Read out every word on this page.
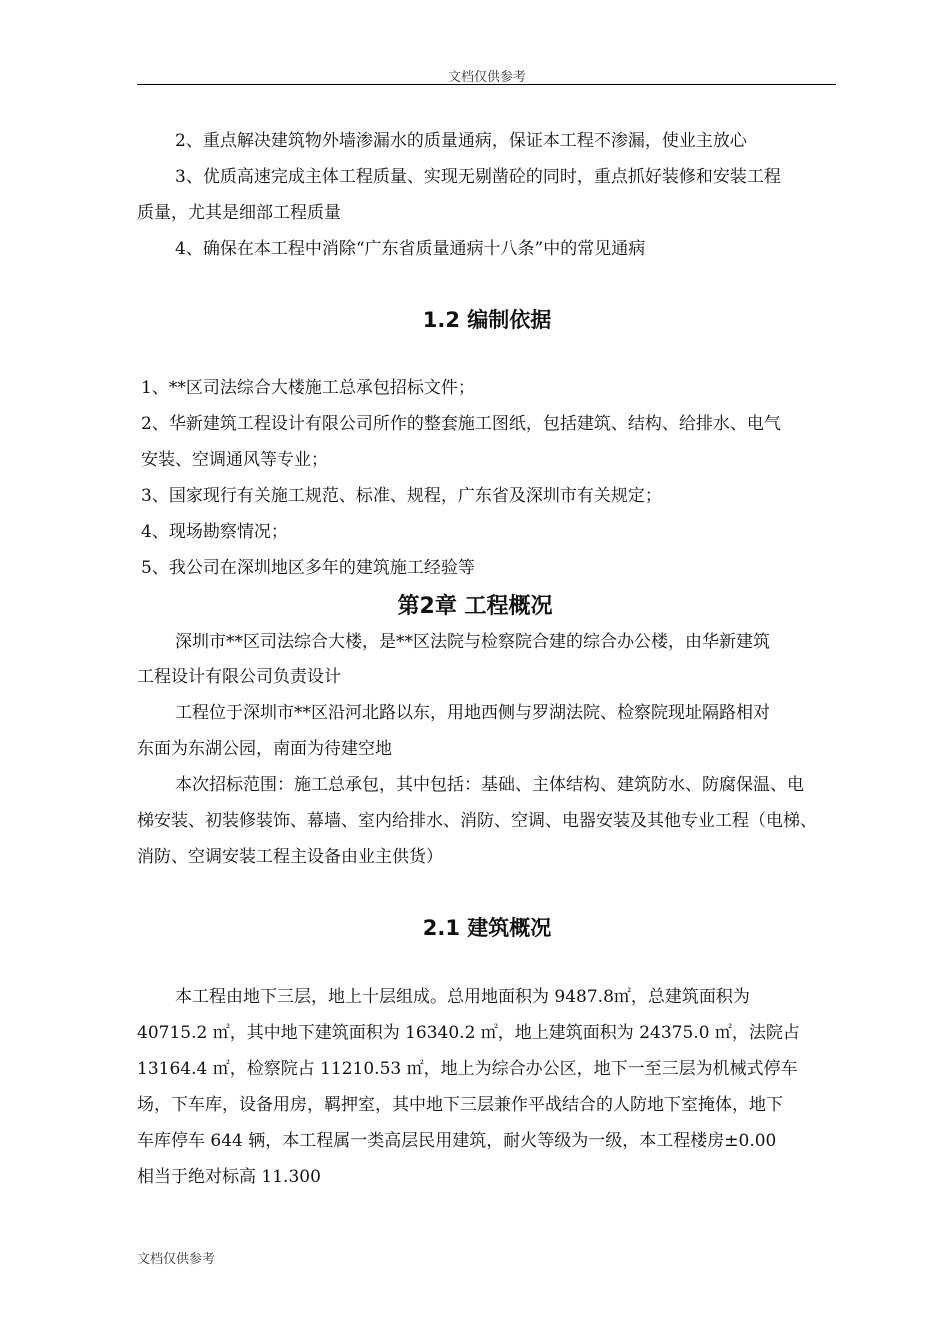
文档仅供参考
2、重点解决建筑物外墙渗漏水的质量通病，保证本工程不渗漏，使业主放心
3、优质高速完成主体工程质量、实现无剔凿砼的同时，重点抓好装修和安装工程
质量，尤其是细部工程质量
4、确保在本工程中消除“广东省质量通病十八条”中的常见通病
1.2 编制依据
1、**区司法综合大楼施工总承包招标文件；
2、华新建筑工程设计有限公司所作的整套施工图纸，包括建筑、结构、给排水、电气
安装、空调通风等专业；
3、国家现行有关施工规范、标准、规程，广东省及深圳市有关规定；
4、现场勘察情况；
5、我公司在深圳地区多年的建筑施工经验等
第2章 工程概况
深圳市**区司法综合大楼，是**区法院与检察院合建的综合办公楼，由华新建筑
工程设计有限公司负责设计
工程位于深圳市**区沿河北路以东，用地西侧与罗湖法院、检察院现址隔路相对
东面为东湖公园，南面为待建空地
本次招标范围：施工总承包，其中包括：基础、主体结构、建筑防水、防腐保温、电
梯安装、初装修装饰、幕墙、室内给排水、消防、空调、电器安装及其他专业工程（电梯、
消防、空调安装工程主设备由业主供货）
2.1 建筑概况
本工程由地下三层，地上十层组成。总用地面积为 9487.8㎡，总建筑面积为
40715.2 ㎡，其中地下建筑面积为 16340.2 ㎡，地上建筑面积为 24375.0 ㎡，法院占
13164.4 ㎡，检察院占 11210.53 ㎡，地上为综合办公区，地下一至三层为机械式停车
场，下车库，设备用房，羁押室，其中地下三层兼作平战结合的人防地下室掩体，地下
车库停车 644 辆，本工程属一类高层民用建筑，耐火等级为一级，本工程楼房±0.00
相当于绝对标高 11.300
文档仅供参考
